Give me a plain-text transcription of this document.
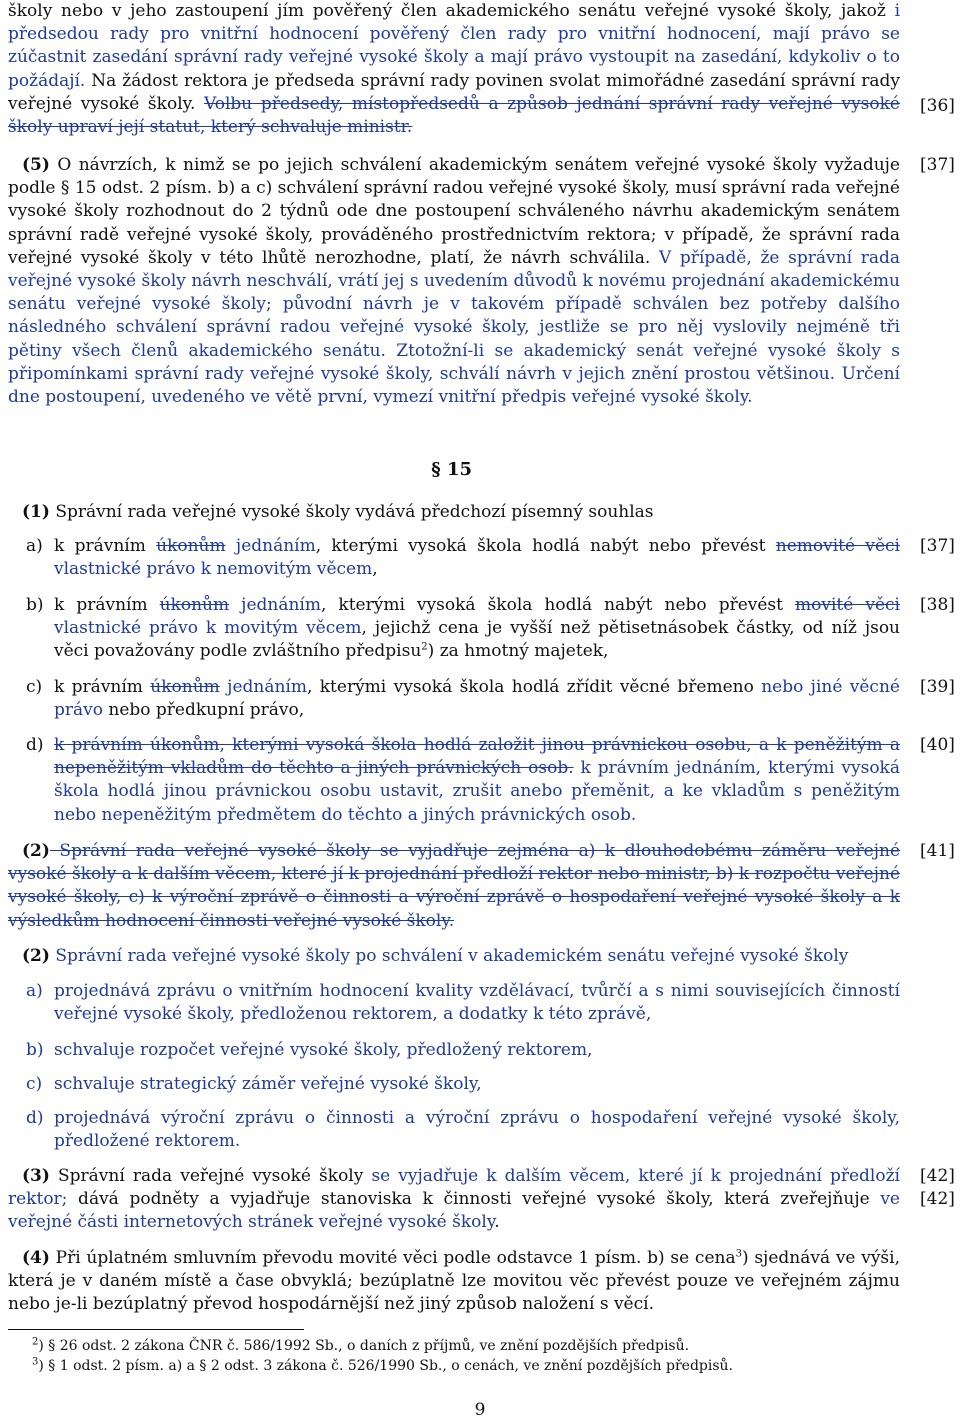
školy nebo v jeho zastoupení jím pověřený člen akademického senátu veřejné vysoké školy, jakož i předsedou rady pro vnitřní hodnocení pověřený člen rady pro vnitřní hodnocení, mají právo se zúčastnit zasedání správní rady veřejné vysoké školy a mají právo vystoupit na zasedání, kdykoliv o to požádají. Na žádost rektora je předseda správní rady povinen svolat mimořádné zasedání správní rady veřejné vysoké školy. Volbu předsedy, místopředsedů a způsob jednání správní rady veřejné vysoké školy upraví její statut, který schvaluje ministr.

[36]

(5) O návrzích, k nimž se po jejich schválení akademickým senátem veřejné vysoké školy vyžaduje podle § 15 odst. 2 písm. b) a c) schválení správní radou veřejné vysoké školy, musí správní rada veřejné vysoké školy rozhodnout do 2 týdnů ode dne postoupení schváleného návrhu akademickým senátem správní radě veřejné vysoké školy, prováděného prostřednictvím rektora; v případě, že správní rada veřejné vysoké školy v této lhůtě nerozhodne, platí, že návrh schválila. V případě, že správní rada veřejné vysoké školy návrh neschválí, vrátí jej s uvedením důvodů k novému projednání akademickému senátu veřejné vysoké školy; původní návrh je v takovém případě schválen bez potřeby dalšího následného schválení správní radou veřejné vysoké školy, jestliže se pro něj vyslovily nejméně tři pětiny všech členů akademického senátu. Ztotožní-li se akademický senát veřejné vysoké školy s připomínkami správní rady veřejné vysoké školy, schválí návrh v jejich znění prostou většinou. Určení dne postoupení, uvedeného ve větě první, vymezí vnitřní předpis veřejné vysoké školy.

[37]
§ 15

(1) Správní rada veřejné vysoké školy vydává předchozí písemný souhlas

a) k právním úkonům jednáním, kterými vysoká škola hodlá nabýt nebo převést nemovité věci vlastnické právo k nemovitým věcem,
[37]
b) k právním úkonům jednáním, kterými vysoká škola hodlá nabýt nebo převést movité věci vlastnické právo k movitým věcem, jejichž cena je vyšší než pětisetnásobek částky, od níž jsou věci považovány podle zvláštního předpisu$^2$) za hmotný majetek,
[38]
c) k právním úkonům jednáním, kterými vysoká škola hodlá zřídit věcné břemeno nebo jiné věcné právo nebo předkupní právo,
[39]
d) k právním úkonům, kterými vysoká škola hodlá založit jinou právnickou osobu, a k peněžitým a nepeněžitým vkladům do těchto a jiných právnických osob. k právním jednáním, kterými vysoká škola hodlá jinou právnickou osobu ustavit, zrušit anebo přeměnit, a ke vkladům s peněžitým nebo nepeněžitým předmětem do těchto a jiných právnických osob.
[40]

(2) Správní rada veřejné vysoké školy se vyjadřuje zejména a) k dlouhodobému záměru veřejné vysoké školy a k dalším věcem, které jí k projednání předloží rektor nebo ministr, b) k rozpočtu veřejné vysoké školy, c) k výroční zprávě o činnosti a výroční zprávě o hospodaření veřejné vysoké školy a k výsledkům hodnocení činnosti veřejné vysoké školy.

[41]

(2) Správní rada veřejné vysoké školy po schválení v akademickém senátu veřejné vysoké školy

a) projednává zprávu o vnitřním hodnocení kvality vzdělávací, tvůrčí a s nimi souvisejících činností veřejné vysoké školy, předloženou rektorem, a dodatky k této zprávě,
b) schvaluje rozpočet veřejné vysoké školy, předložený rektorem,
c) schvaluje strategický záměr veřejné vysoké školy,
d) projednává výroční zprávu o činnosti a výroční zprávu o hospodaření veřejné vysoké školy, předložené rektorem.

(3) Správní rada veřejné vysoké školy se vyjadřuje k dalším věcem, které jí k projednání předloží rektor; dává podněty a vyjadřuje stanoviska k činnosti veřejné vysoké školy, která zveřejňuje ve veřejné části internetových stránek veřejné vysoké školy.

[42]
[42]

(4) Při úplatném smluvním převodu movité věci podle odstavce 1 písm. b) se cena$^3$) sjednává ve výši, která je v daném místě a čase obvyklá; bezúplatně lze movitou věc převést pouze ve veřejném zájmu nebo je-li bezúplatný převod hospodárnější než jiný způsob naložení s věcí.

$^2$) § 26 odst. 2 zákona ČNR č. 586/1992 Sb., o daních z příjmů, ve znění pozdějších předpisů.

$^3$) § 1 odst. 2 písm. a) a § 2 odst. 3 zákona č. 526/1990 Sb., o cenách, ve znění pozdějších předpisů.

9
